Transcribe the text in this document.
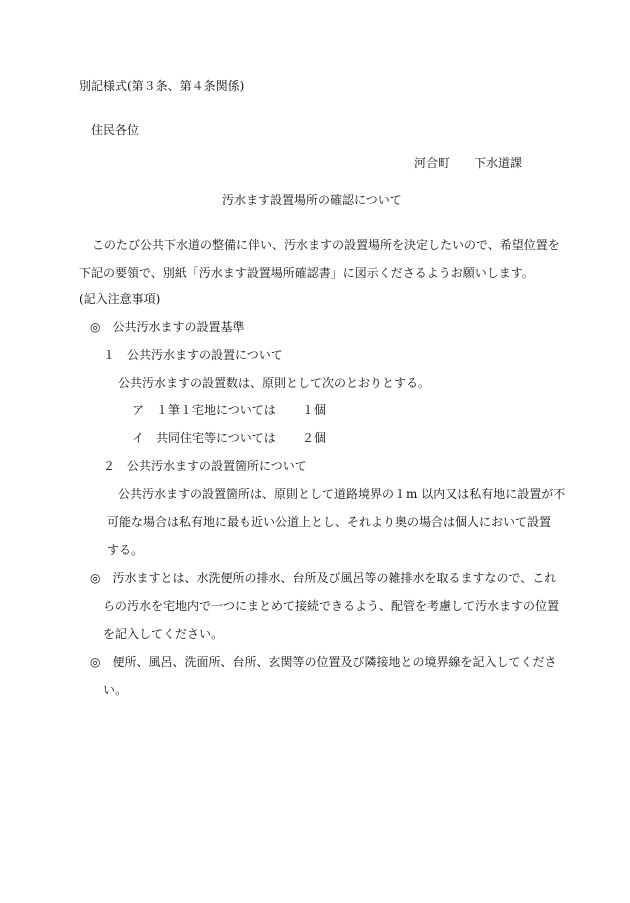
別記様式(第３条、第４条関係)
住民各位
河合町 下水道課
汚水ます設置場所の確認について
このたび公共下水道の整備に伴い、汚水ますの設置場所を決定したいので、希望位置を
下記の要領で、別紙「汚水ます設置場所確認書」に図示くださるようお願いします。
(記入注意事項)
◎　公共汚水ますの設置基準
１　公共汚水ますの設置について
公共汚水ますの設置数は、原則として次のとおりとする。
ア　１筆１宅地については １個
イ　共同住宅等については ２個
２　公共汚水ますの設置箇所について
公共汚水ますの設置箇所は、原則として道路境界の１m 以内又は私有地に設置が不
可能な場合は私有地に最も近い公道上とし、それより奥の場合は個人において設置
する。
◎　汚水ますとは、水洗便所の排水、台所及び風呂等の雑排水を取るますなので、これ
らの汚水を宅地内で一つにまとめて接続できるよう、配管を考慮して汚水ますの位置
を記入してください。
◎　便所、風呂、洗面所、台所、玄関等の位置及び隣接地との境界線を記入してくださ
い。
